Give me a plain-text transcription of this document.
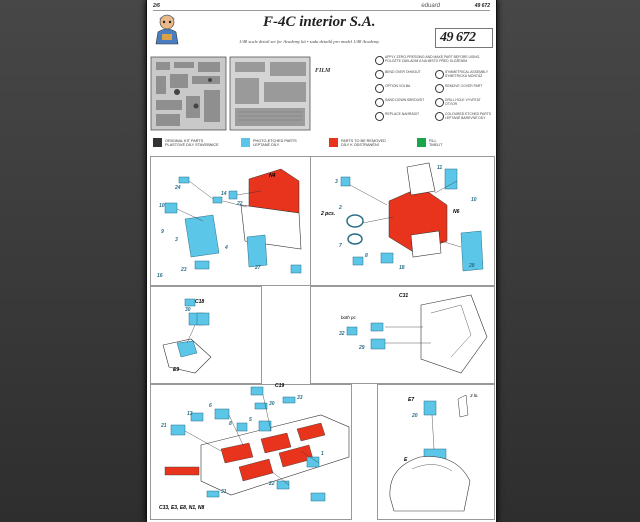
2/6	eduard	49 672
F-4C interior S.A.
1/48 scale detail set for Academy kit • sada detailů pro model 1/48 Academy	49 672
FILM
APPLY ZERO-PRESSING AND MAKE PART BEFORE USING, POLOŽTE ZÁKLADNÍ A NA MÍSTO PŘED SLOŽENÍM
BEND OVER OHNOUT	SYMMETRICAL ASSEMBLY SYMETRICKÁ MONTÁŽ
OPTION VOLBA	REMOVE COVER PART
SAND DOWN SBROUSIT	DRILL HOLE VYVRTAT OTVOR
REPLACE NAHRADIT	COLOURED ETCHED PARTS LEPTANÉ BAREVNÉ DÍLY
ORIGINAL KIT PARTS
PLASTOVÉ DÍLY STAVEBNICE
PHOTO-ETCHED PARTS
LEPTANÉ DÍLY
PARTS TO BE REMOVED
DÍLY K ODSTRANĚNÍ
FILL
TMELIT
N4
24
14
22
10
9
3
4
16
27
23
N6
11
3
2 pcs.
2
7
8
18	28
10
C18
30
E9
C31
both pc
32
29
C19
30
33
6
13
5
8
1
21
22
31
C33, E3, E8, N1, N8
E7
20
3 lo.
E
